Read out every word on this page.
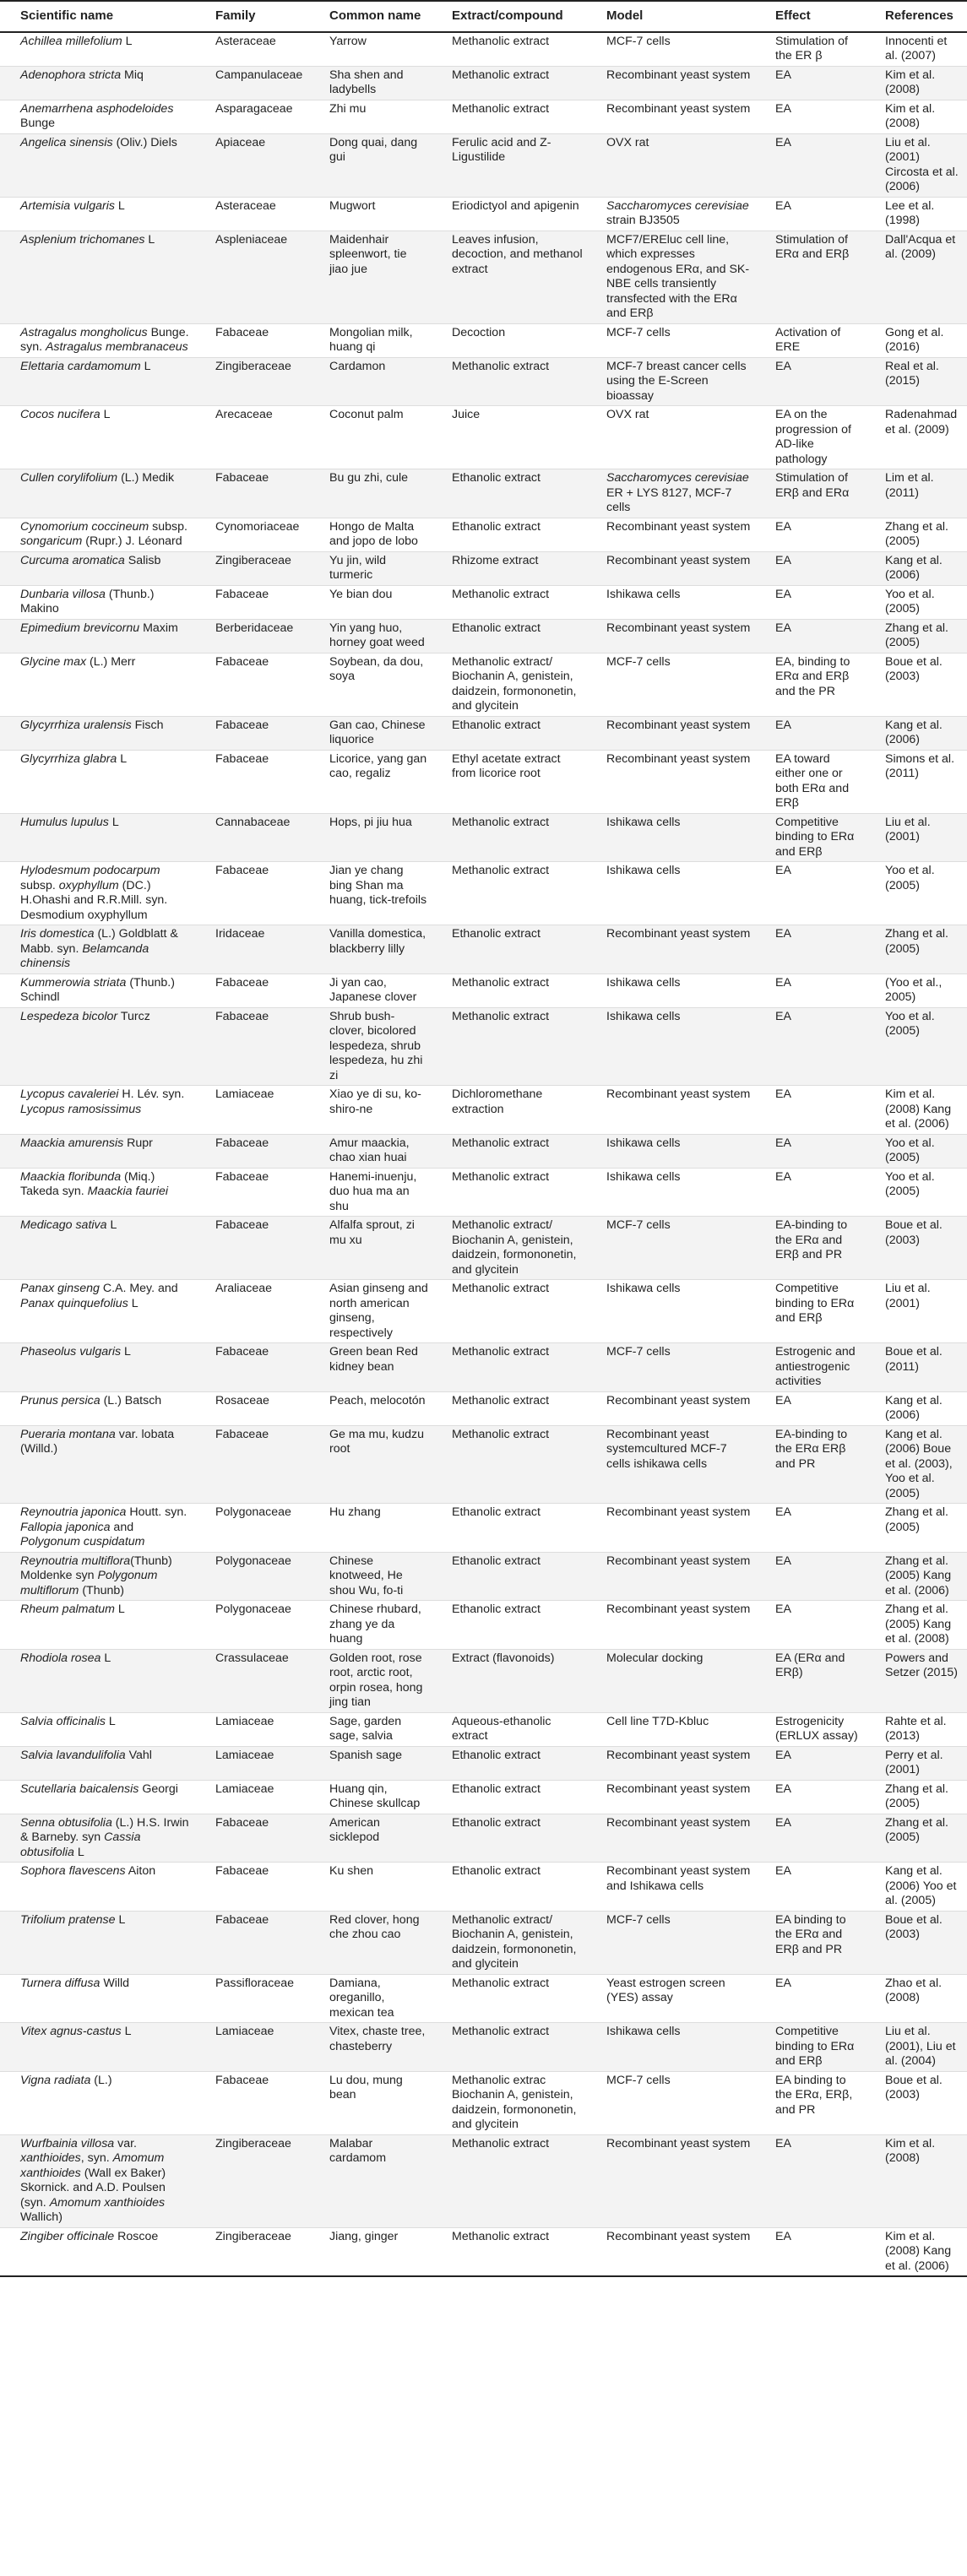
Scientific name	Family	Common name	Extract/compound	Model	Effect	References
Achillea millefolium L	Asteraceae	Yarrow	Methanolic extract	MCF-7 cells	Stimulation of the ER β	Innocenti et al. (2007)
Adenophora stricta Miq	Campanulaceae	Sha shen and ladybells	Methanolic extract	Recombinant yeast system	EA	Kim et al. (2008)
Anemarrhena asphodeloides Bunge	Asparagaceae	Zhi mu	Methanolic extract	Recombinant yeast system	EA	Kim et al. (2008)
Angelica sinensis (Oliv.) Diels	Apiaceae	Dong quai, dang gui	Ferulic acid and Z-Ligustilide	OVX rat	EA	Liu et al. (2001) Circosta et al. (2006)
Artemisia vulgaris L	Asteraceae	Mugwort	Eriodictyol and apigenin	Saccharomyces cerevisiae strain BJ3505	EA	Lee et al. (1998)
Asplenium trichomanes L	Aspleniaceae	Maidenhair spleenwort, tie jiao jue	Leaves infusion, decoction, and methanol extract	MCF7/EREluc cell line, which expresses endogenous ERα, and SK-NBE cells transiently transfected with the ERα and ERβ	Stimulation of ERα and ERβ	Dall'Acqua et al. (2009)
Astragalus mongholicus Bunge. syn. Astragalus membranaceus	Fabaceae	Mongolian milk, huang qi	Decoction	MCF-7 cells	Activation of ERE	Gong et al. (2016)
Elettaria cardamomum L	Zingiberaceae	Cardamon	Methanolic extract	MCF-7 breast cancer cells using the E-Screen bioassay	EA	Real et al. (2015)
Cocos nucifera L	Arecaceae	Coconut palm	Juice	OVX rat	EA on the progression of AD-like pathology	Radenahmad et al. (2009)
Cullen corylifolium (L.) Medik	Fabaceae	Bu gu zhi, cule	Ethanolic extract	Saccharomyces cerevisiae ER + LYS 8127, MCF-7 cells	Stimulation of ERβ and ERα	Lim et al. (2011)
Cynomorium coccineum subsp. songaricum (Rupr.) J. Léonard	Cynomoriaceae	Hongo de Malta and jopo de lobo	Ethanolic extract	Recombinant yeast system	EA	Zhang et al. (2005)
Curcuma aromatica Salisb	Zingiberaceae	Yu jin, wild turmeric	Rhizome extract	Recombinant yeast system	EA	Kang et al. (2006)
Dunbaria villosa (Thunb.) Makino	Fabaceae	Ye bian dou	Methanolic extract	Ishikawa cells	EA	Yoo et al. (2005)
Epimedium brevicornu Maxim	Berberidaceae	Yin yang huo, horney goat weed	Ethanolic extract	Recombinant yeast system	EA	Zhang et al. (2005)
Glycine max (L.) Merr	Fabaceae	Soybean, da dou, soya	Methanolic extract/ Biochanin A, genistein, daidzein, formononetin, and glycitein	MCF-7 cells	EA, binding to ERα and ERβ and the PR	Boue et al. (2003)
Glycyrrhiza uralensis Fisch	Fabaceae	Gan cao, Chinese liquorice	Ethanolic extract	Recombinant yeast system	EA	Kang et al. (2006)
Glycyrrhiza glabra L	Fabaceae	Licorice, yang gan cao, regaliz	Ethyl acetate extract from licorice root	Recombinant yeast system	EA toward either one or both ERα and ERβ	Simons et al. (2011)
Humulus lupulus L	Cannabaceae	Hops, pi jiu hua	Methanolic extract	Ishikawa cells	Competitive binding to ERα and ERβ	Liu et al. (2001)
Hylodesmum podocarpum subsp. oxyphyllum (DC.) H.Ohashi and R.R.Mill. syn. Desmodium oxyphyllum	Fabaceae	Jian ye chang bing Shan ma huang, tick-trefoils	Methanolic extract	Ishikawa cells	EA	Yoo et al. (2005)
Iris domestica (L.) Goldblatt & Mabb. syn. Belamcanda chinensis	Iridaceae	Vanilla domestica, blackberry lilly	Ethanolic extract	Recombinant yeast system	EA	Zhang et al. (2005)
Kummerowia striata (Thunb.) Schindl	Fabaceae	Ji yan cao, Japanese clover	Methanolic extract	Ishikawa cells	EA	(Yoo et al., 2005)
Lespedeza bicolor Turcz	Fabaceae	Shrub bush-clover, bicolored lespedeza, shrub lespedeza, hu zhi zi	Methanolic extract	Ishikawa cells	EA	Yoo et al. (2005)
Lycopus cavaleriei H. Lév. syn. Lycopus ramosissimus	Lamiaceae	Xiao ye di su, ko-shiro-ne	Dichloromethane extraction	Recombinant yeast system	EA	Kim et al. (2008) Kang et al. (2006)
Maackia amurensis Rupr	Fabaceae	Amur maackia, chao xian huai	Methanolic extract	Ishikawa cells	EA	Yoo et al. (2005)
Maackia floribunda (Miq.) Takeda syn. Maackia fauriei	Fabaceae	Hanemi-inuenju, duo hua ma an shu	Methanolic extract	Ishikawa cells	EA	Yoo et al. (2005)
Medicago sativa L	Fabaceae	Alfalfa sprout, zi mu xu	Methanolic extract/ Biochanin A, genistein, daidzein, formononetin, and glycitein	MCF-7 cells	EA-binding to the ERα and ERβ and PR	Boue et al. (2003)
Panax ginseng C.A. Mey. and Panax quinquefolius L	Araliaceae	Asian ginseng and north american ginseng, respectively	Methanolic extract	Ishikawa cells	Competitive binding to ERα and ERβ	Liu et al. (2001)
Phaseolus vulgaris L	Fabaceae	Green bean Red kidney bean	Methanolic extract	MCF-7 cells	Estrogenic and antiestrogenic activities	Boue et al. (2011)
Prunus persica (L.) Batsch	Rosaceae	Peach, melocotón	Methanolic extract	Recombinant yeast system	EA	Kang et al. (2006)
Pueraria montana var. lobata (Willd.)	Fabaceae	Ge ma mu, kudzu root	Methanolic extract	Recombinant yeast systemcultured MCF-7 cells ishikawa cells	EA-binding to the ERα ERβ and PR	Kang et al. (2006) Boue et al. (2003), Yoo et al. (2005)
Reynoutria japonica Houtt. syn. Fallopia japonica and Polygonum cuspidatum	Polygonaceae	Hu zhang	Ethanolic extract	Recombinant yeast system	EA	Zhang et al. (2005)
Reynoutria multiflora(Thunb) Moldenke syn Polygonum multiflorum (Thunb)	Polygonaceae	Chinese knotweed, He shou Wu, fo-ti	Ethanolic extract	Recombinant yeast system	EA	Zhang et al. (2005) Kang et al. (2006)
Rheum palmatum L	Polygonaceae	Chinese rhubard, zhang ye da huang	Ethanolic extract	Recombinant yeast system	EA	Zhang et al. (2005) Kang et al. (2008)
Rhodiola rosea L	Crassulaceae	Golden root, rose root, arctic root, orpin rosea, hong jing tian	Extract (flavonoids)	Molecular docking	EA (ERα and ERβ)	Powers and Setzer (2015)
Salvia officinalis L	Lamiaceae	Sage, garden sage, salvia	Aqueous-ethanolic extract	Cell line T7D-Kbluc	Estrogenicity (ERLUX assay)	Rahte et al. (2013)
Salvia lavandulifolia Vahl	Lamiaceae	Spanish sage	Ethanolic extract	Recombinant yeast system	EA	Perry et al. (2001)
Scutellaria baicalensis Georgi	Lamiaceae	Huang qin, Chinese skullcap	Ethanolic extract	Recombinant yeast system	EA	Zhang et al. (2005)
Senna obtusifolia (L.) H.S. Irwin & Barneby. syn Cassia obtusifolia L	Fabaceae	American sicklepod	Ethanolic extract	Recombinant yeast system	EA	Zhang et al. (2005)
Sophora flavescens Aiton	Fabaceae	Ku shen	Ethanolic extract	Recombinant yeast system and Ishikawa cells	EA	Kang et al. (2006) Yoo et al. (2005)
Trifolium pratense L	Fabaceae	Red clover, hong che zhou cao	Methanolic extract/ Biochanin A, genistein, daidzein, formononetin, and glycitein	MCF-7 cells	EA binding to the ERα and ERβ and PR	Boue et al. (2003)
Turnera diffusa Willd	Passifloraceae	Damiana, oreganillo, mexican tea	Methanolic extract	Yeast estrogen screen (YES) assay	EA	Zhao et al. (2008)
Vitex agnus-castus L	Lamiaceae	Vitex, chaste tree, chasteberry	Methanolic extract	Ishikawa cells	Competitive binding to ERα and ERβ	Liu et al. (2001), Liu et al. (2004)
Vigna radiata (L.)	Fabaceae	Lu dou, mung bean	Methanolic extrac Biochanin A, genistein, daidzein, formononetin, and glycitein	MCF-7 cells	EA binding to the ERα, ERβ, and PR	Boue et al. (2003)
Wurfbainia villosa var. xanthioides, syn. Amomum xanthioides (Wall ex Baker) Skornick. and A.D. Poulsen (syn. Amomum xanthioides Wallich)	Zingiberaceae	Malabar cardamom	Methanolic extract	Recombinant yeast system	EA	Kim et al. (2008)
Zingiber officinale Roscoe	Zingiberaceae	Jiang, ginger	Methanolic extract	Recombinant yeast system	EA	Kim et al. (2008) Kang et al. (2006)
